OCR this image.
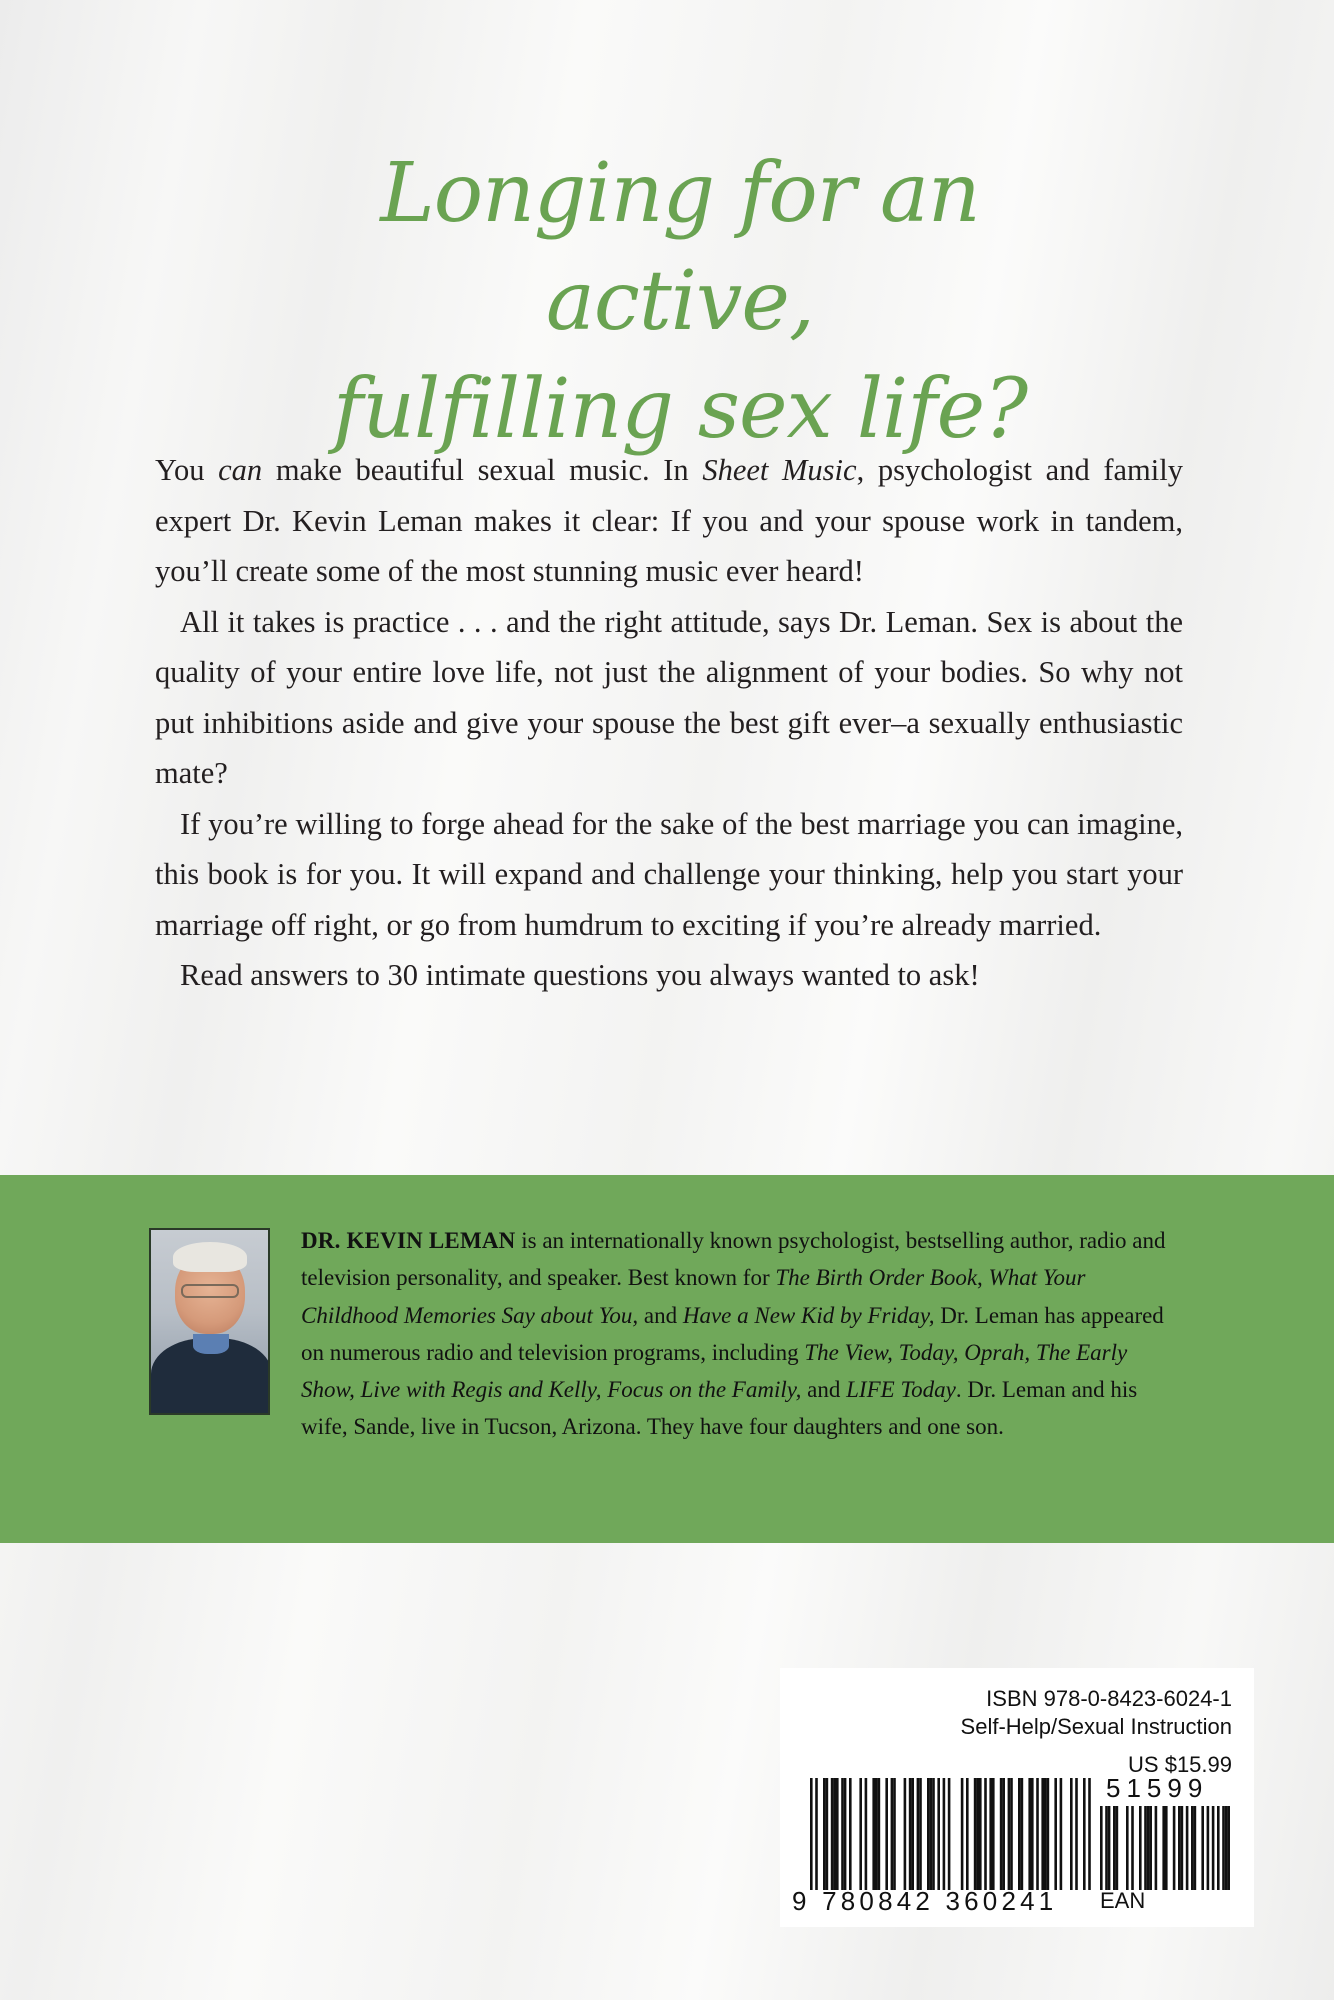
Longing for an active,
fulfilling sex life?

You can make beautiful sexual music. In Sheet Music, psychologist and family expert Dr. Kevin Leman makes it clear: If you and your spouse work in tandem, you’ll create some of the most stunning music ever heard!

All it takes is practice . . . and the right attitude, says Dr. Leman. Sex is about the quality of your entire love life, not just the alignment of your bodies. So why not put inhibitions aside and give your spouse the best gift ever–a sexually enthusiastic mate?

If you’re willing to forge ahead for the sake of the best marriage you can imagine, this book is for you. It will expand and challenge your thinking, help you start your marriage off right, or go from humdrum to exciting if you’re already married.

Read answers to 30 intimate questions you always wanted to ask!

DR. KEVIN LEMAN is an internationally known psychologist, bestselling author, radio and television personality, and speaker. Best known for The Birth Order Book, What Your Childhood Memories Say about You, and Have a New Kid by Friday, Dr. Leman has appeared on numerous radio and television programs, including The View, Today, Oprah, The Early Show, Live with Regis and Kelly, Focus on the Family, and LIFE Today. Dr. Leman and his wife, Sande, live in Tucson, Arizona. They have four daughters and one son.
ISBN 978-0-8423-6024-1
Self-Help/Sexual Instruction
US $15.99
51599
9 780842 360241 EAN
